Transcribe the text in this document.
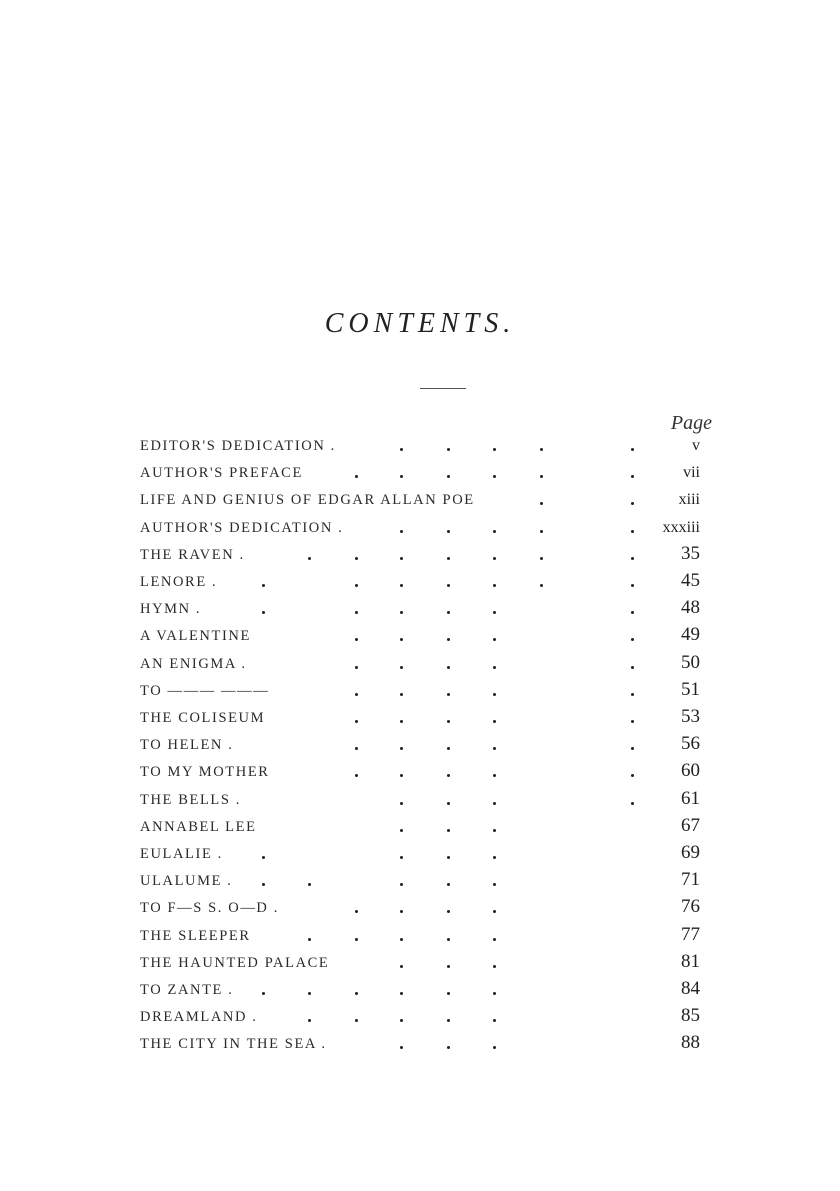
CONTENTS.
Page
EDITOR'S DEDICATION .	v
AUTHOR'S PREFACE	vii
LIFE AND GENIUS OF EDGAR ALLAN POE	xiii
AUTHOR'S DEDICATION .	xxxiii
THE RAVEN .	35
LENORE .	45
HYMN .	48
A VALENTINE	49
AN ENIGMA .	50
TO ——— ———	51
THE COLISEUM	53
TO HELEN .	56
TO MY MOTHER	60
THE BELLS .	61
ANNABEL LEE	67
EULALIE .	69
ULALUME .	71
TO F—S S. O—D .	76
THE SLEEPER	77
THE HAUNTED PALACE	81
TO ZANTE .	84
DREAMLAND .	85
THE CITY IN THE SEA .	88
